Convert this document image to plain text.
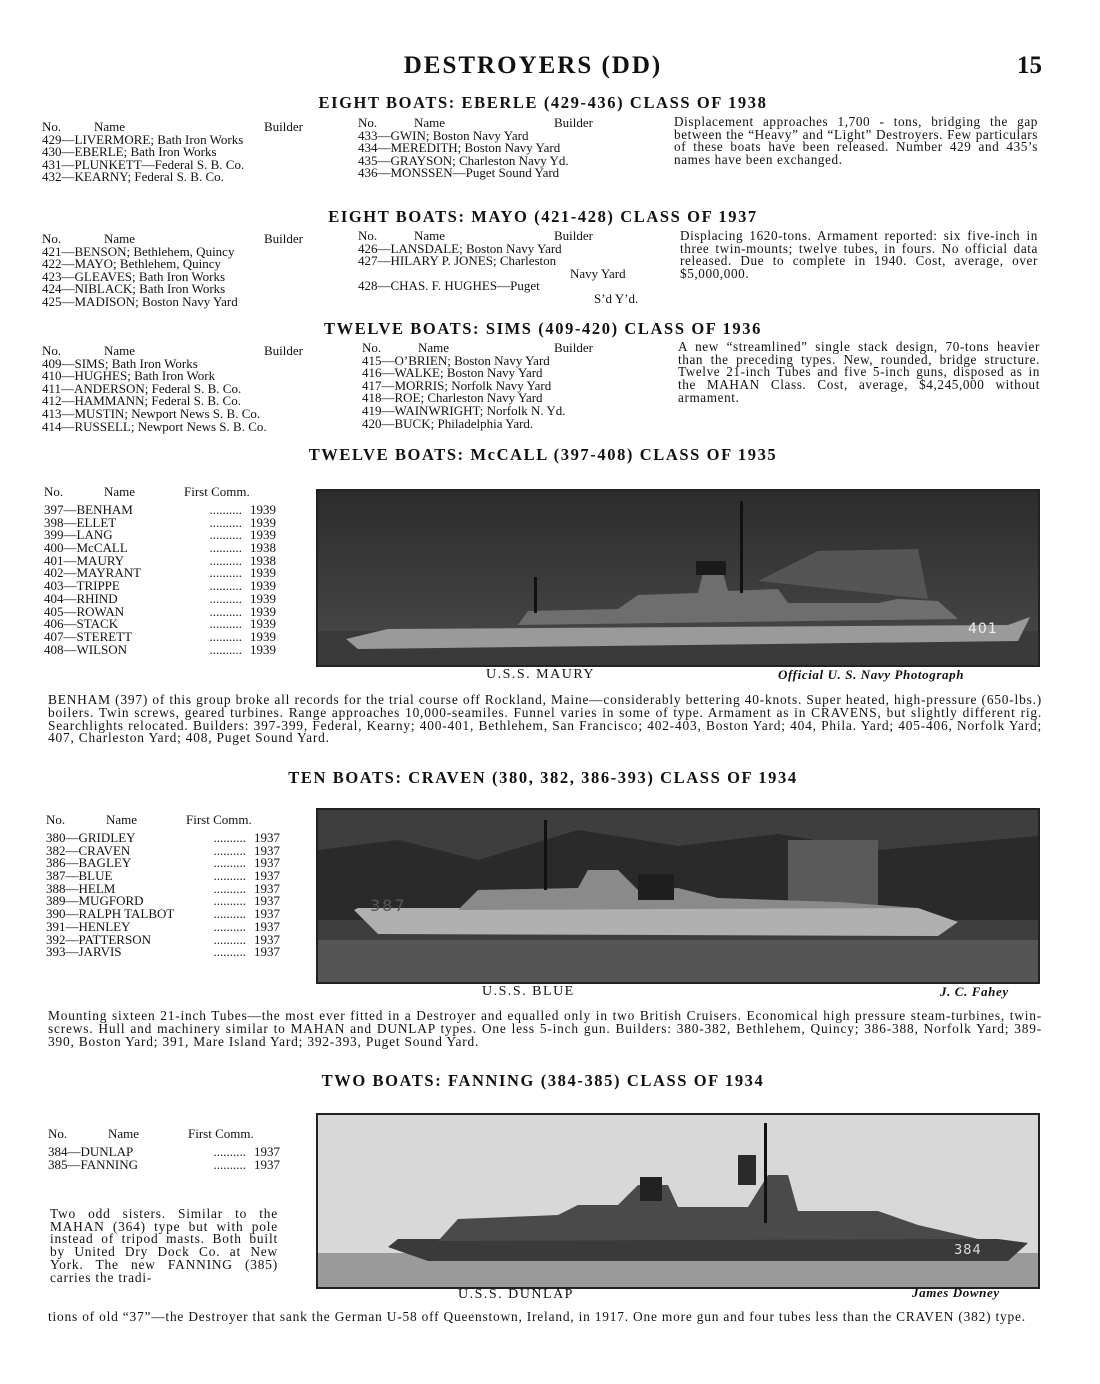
DESTROYERS (DD)	15
EIGHT BOATS: EBERLE (429-436) CLASS OF 1938
No.	Name	Builder
429—LIVERMORE; Bath Iron Works
430—EBERLE; Bath Iron Works
431—PLUNKETT—Federal S. B. Co.
432—KEARNY; Federal S. B. Co.
No.	Name	Builder
433—GWIN; Boston Navy Yard
434—MEREDITH; Boston Navy Yard
435—GRAYSON; Charleston Navy Yd.
436—MONSSEN—Puget Sound Yard

Displacement approaches 1,700 - tons, bridging the gap between the “Heavy” and “Light” Destroyers. Few particulars of these boats have been released. Number 429 and 435’s names have been exchanged.

EIGHT BOATS: MAYO (421-428) CLASS OF 1937
No.	Name	Builder
421—BENSON; Bethlehem, Quincy
422—MAYO; Bethlehem, Quincy
423—GLEAVES; Bath Iron Works
424—NIBLACK; Bath Iron Works
425—MADISON; Boston Navy Yard
No.	Name	Builder
426—LANSDALE; Boston Navy Yard
427—HILARY P. JONES; Charleston
Navy Yard
428—CHAS. F. HUGHES—Puget
S’d Y’d.

Displacing 1620-tons. Armament reported: six five-inch in three twin-mounts; twelve tubes, in fours. No official data released. Due to complete in 1940. Cost, average, over $5,000,000.

TWELVE BOATS: SIMS (409-420) CLASS OF 1936
No.	Name	Builder
409—SIMS; Bath Iron Works
410—HUGHES; Bath Iron Work
411—ANDERSON; Federal S. B. Co.
412—HAMMANN; Federal S. B. Co.
413—MUSTIN; Newport News S. B. Co.
414—RUSSELL; Newport News S. B. Co.
No.	Name	Builder
415—O’BRIEN; Boston Navy Yard
416—WALKE; Boston Navy Yard
417—MORRIS; Norfolk Navy Yard
418—ROE; Charleston Navy Yard
419—WAINWRIGHT; Norfolk N. Yd.
420—BUCK; Philadelphia Yard.

A new “streamlined” single stack design, 70-tons heavier than the preceding types. New, rounded, bridge structure. Twelve 21-inch Tubes and five 5-inch guns, disposed as in the MAHAN Class. Cost, average, $4,245,000 without armament.

TWELVE BOATS: McCALL (397-408) CLASS OF 1935
No.	Name	First Comm.
397—BENHAM	.......... 1939
398—ELLET	.......... 1939
399—LANG	.......... 1939
400—McCALL	.......... 1938
401—MAURY	.......... 1938
402—MAYRANT	.......... 1939
403—TRIPPE	.......... 1939
404—RHIND	.......... 1939
405—ROWAN	.......... 1939
406—STACK	.......... 1939
407—STERETT	.......... 1939
408—WILSON	.......... 1939
401
U.S.S. MAURY	Official U. S. Navy Photograph

BENHAM (397) of this group broke all records for the trial course off Rockland, Maine—considerably bettering 40-knots. Super heated, high-pressure (650-lbs.) boilers. Twin screws, geared turbines. Range approaches 10,000-seamiles. Funnel varies in some of type. Armament as in CRAVENS, but slightly different rig. Searchlights relocated. Builders: 397-399, Federal, Kearny; 400-401, Bethlehem, San Francisco; 402-403, Boston Yard; 404, Phila. Yard; 405-406, Norfolk Yard; 407, Charleston Yard; 408, Puget Sound Yard.

TEN BOATS: CRAVEN (380, 382, 386-393) CLASS OF 1934
No.	Name	First Comm.
380—GRIDLEY	.......... 1937
382—CRAVEN	.......... 1937
386—BAGLEY	.......... 1937
387—BLUE	.......... 1937
388—HELM	.......... 1937
389—MUGFORD	.......... 1937
390—RALPH TALBOT	.......... 1937
391—HENLEY	.......... 1937
392—PATTERSON	.......... 1937
393—JARVIS	.......... 1937
387
U.S.S. BLUE	J. C. Fahey

Mounting sixteen 21-inch Tubes—the most ever fitted in a Destroyer and equalled only in two British Cruisers. Economical high pressure steam-turbines, twin-screws. Hull and machinery similar to MAHAN and DUNLAP types. One less 5-inch gun. Builders: 380-382, Bethlehem, Quincy; 386-388, Norfolk Yard; 389-390, Boston Yard; 391, Mare Island Yard; 392-393, Puget Sound Yard.

TWO BOATS: FANNING (384-385) CLASS OF 1934
No.	Name	First Comm.
384—DUNLAP	.......... 1937
385—FANNING	.......... 1937

Two odd sisters. Similar to the MAHAN (364) type but with pole instead of tripod masts. Both built by United Dry Dock Co. at New York. The new FANNING (385) carries the tradi-

384
U.S.S. DUNLAP	James Downey

tions of old “37”—the Destroyer that sank the German U-58 off Queenstown, Ireland, in 1917. One more gun and four tubes less than the CRAVEN (382) type.
